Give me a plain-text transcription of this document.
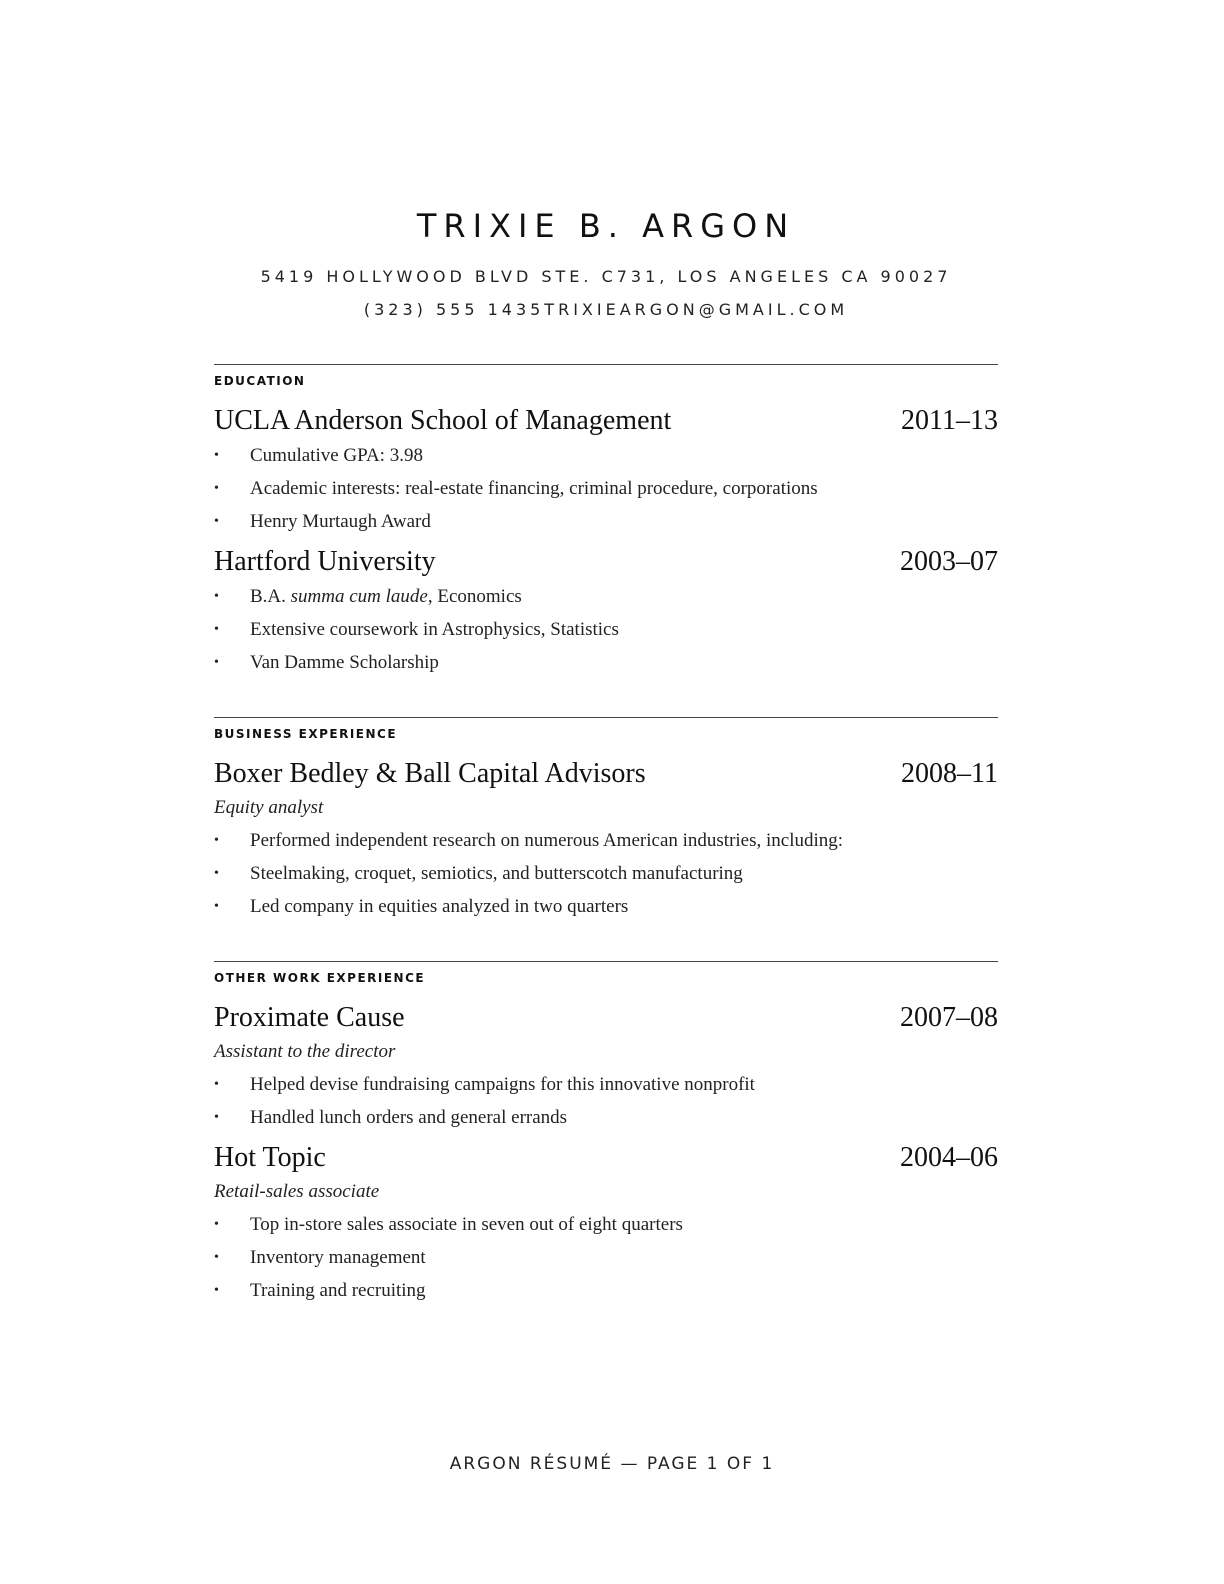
TRIXIE B. ARGON
5419 HOLLYWOOD BLVD STE. C731, LOS ANGELES CA 90027
(323) 555 1435TRIXIEARGON@GMAIL.COM
EDUCATION
UCLA Anderson School of Management	2011–13
• Cumulative GPA: 3.98
• Academic interests: real-estate financing, criminal procedure, corporations
• Henry Murtaugh Award
Hartford University	2003–07
• B.A. summa cum laude, Economics
• Extensive coursework in Astrophysics, Statistics
• Van Damme Scholarship
BUSINESS EXPERIENCE
Boxer Bedley & Ball Capital Advisors	2008–11
Equity analyst
• Performed independent research on numerous American industries, including:
• Steelmaking, croquet, semiotics, and butterscotch manufacturing
• Led company in equities analyzed in two quarters
OTHER WORK EXPERIENCE
Proximate Cause	2007–08
Assistant to the director
• Helped devise fundraising campaigns for this innovative nonprofit
• Handled lunch orders and general errands
Hot Topic	2004–06
Retail-sales associate
• Top in-store sales associate in seven out of eight quarters
• Inventory management
• Training and recruiting
ARGON RÉSUMÉ — PAGE 1 OF 1
